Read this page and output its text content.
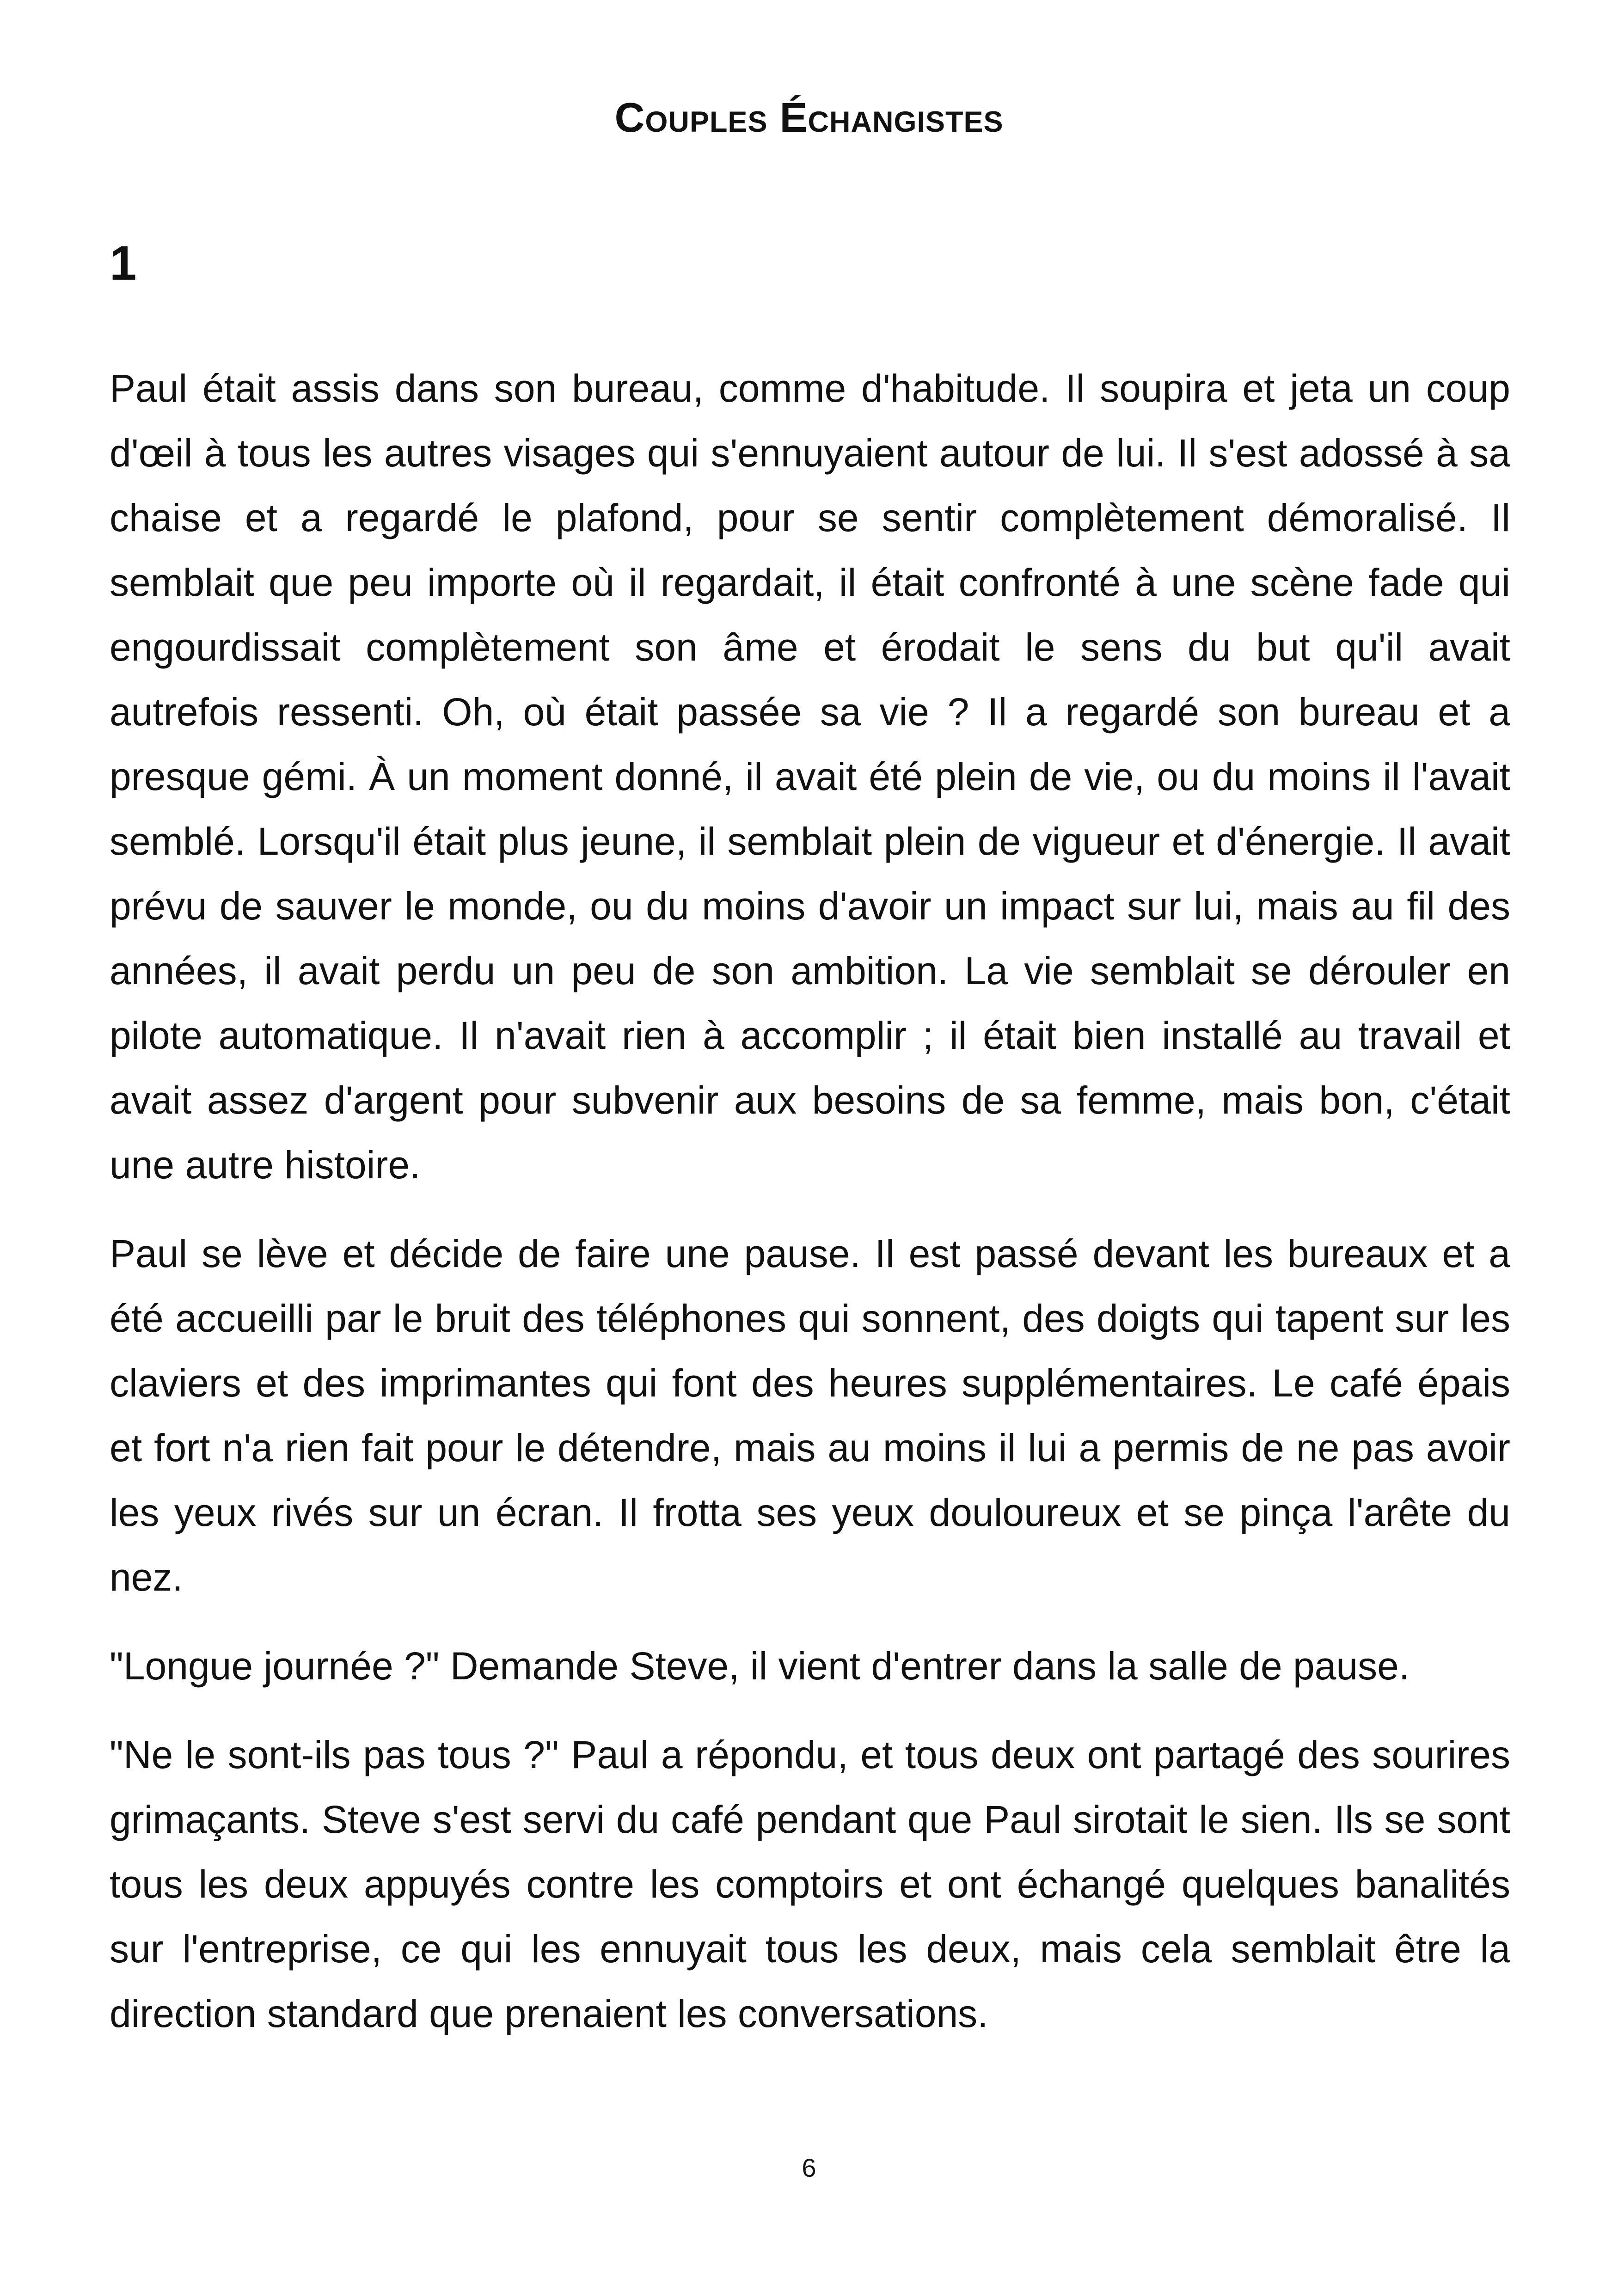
Couples Échangistes
1

Paul était assis dans son bureau, comme d'habitude. Il soupira et jeta un coup d'œil à tous les autres visages qui s'ennuyaient autour de lui. Il s'est adossé à sa chaise et a regardé le plafond, pour se sentir complètement démoralisé. Il semblait que peu importe où il regardait, il était confronté à une scène fade qui engourdissait complètement son âme et érodait le sens du but qu'il avait autrefois ressenti. Oh, où était passée sa vie ? Il a regardé son bureau et a presque gémi. À un moment donné, il avait été plein de vie, ou du moins il l'avait semblé. Lorsqu'il était plus jeune, il semblait plein de vigueur et d'énergie. Il avait prévu de sauver le monde, ou du moins d'avoir un impact sur lui, mais au fil des années, il avait perdu un peu de son ambition. La vie semblait se dérouler en pilote automatique. Il n'avait rien à accomplir ; il était bien installé au travail et avait assez d'argent pour subvenir aux besoins de sa femme, mais bon, c'était une autre histoire.

Paul se lève et décide de faire une pause. Il est passé devant les bureaux et a été accueilli par le bruit des téléphones qui sonnent, des doigts qui tapent sur les claviers et des imprimantes qui font des heures supplémentaires. Le café épais et fort n'a rien fait pour le détendre, mais au moins il lui a permis de ne pas avoir les yeux rivés sur un écran. Il frotta ses yeux douloureux et se pinça l'arête du nez.

"Longue journée ?" Demande Steve, il vient d'entrer dans la salle de pause.

"Ne le sont-ils pas tous ?" Paul a répondu, et tous deux ont partagé des sourires grimaçants. Steve s'est servi du café pendant que Paul sirotait le sien. Ils se sont tous les deux appuyés contre les comptoirs et ont échangé quelques banalités sur l'entreprise, ce qui les ennuyait tous les deux, mais cela semblait être la direction standard que prenaient les conversations.

6
